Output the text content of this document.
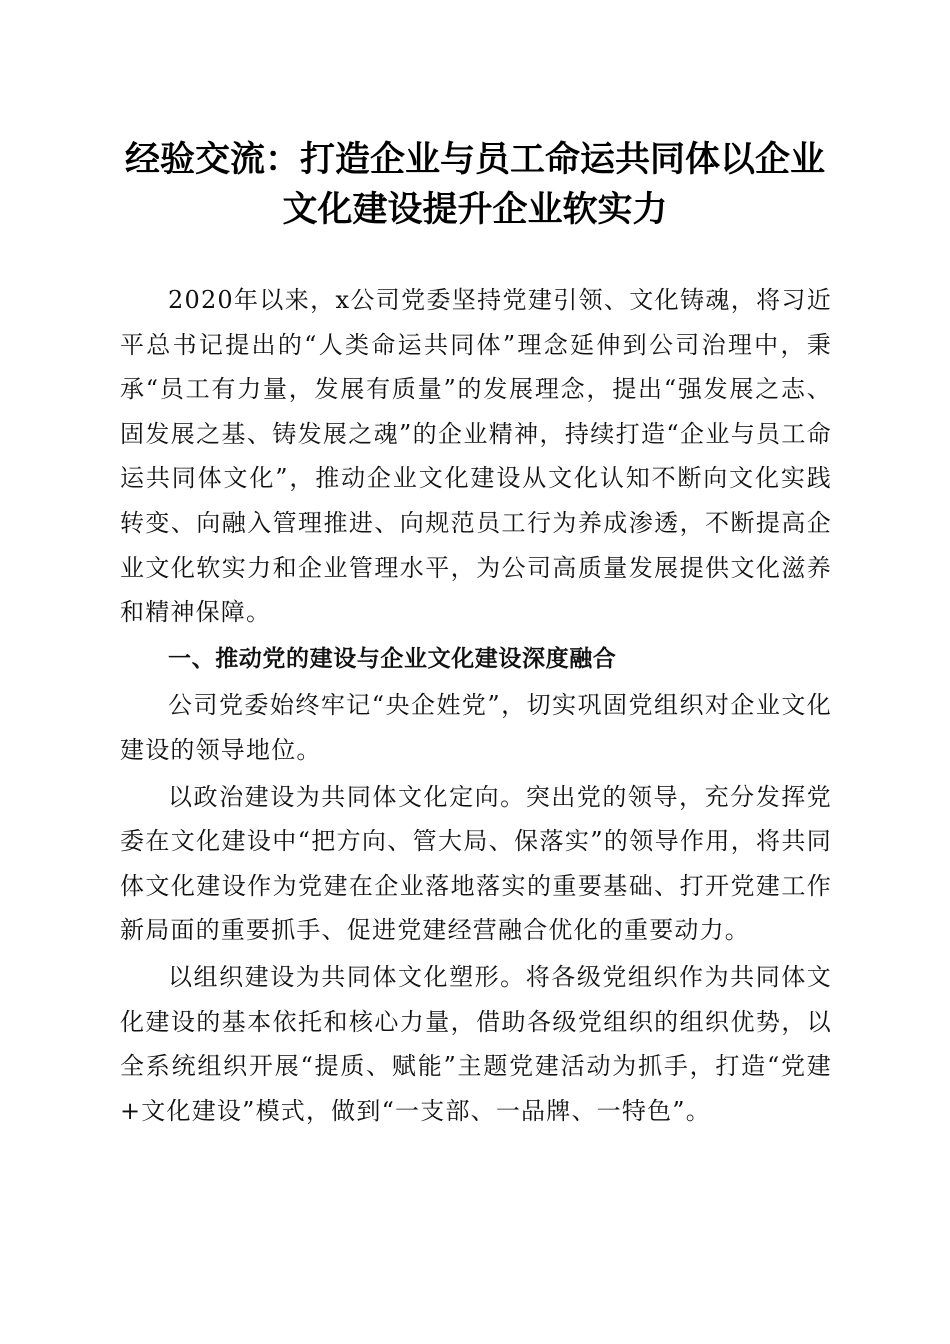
经验交流：打造企业与员工命运共同体以企业
文化建设提升企业软实力

2020年以来，x公司党委坚持党建引领、文化铸魂，将习近平总书记提出的“人类命运共同体”理念延伸到公司治理中，秉承“员工有力量，发展有质量”的发展理念，提出“强发展之志、固发展之基、铸发展之魂”的企业精神，持续打造“企业与员工命运共同体文化”，推动企业文化建设从文化认知不断向文化实践转变、向融入管理推进、向规范员工行为养成渗透，不断提高企业文化软实力和企业管理水平，为公司高质量发展提供文化滋养和精神保障。

一、推动党的建设与企业文化建设深度融合

公司党委始终牢记“央企姓党”，切实巩固党组织对企业文化建设的领导地位。

以政治建设为共同体文化定向。突出党的领导，充分发挥党委在文化建设中“把方向、管大局、保落实”的领导作用，将共同体文化建设作为党建在企业落地落实的重要基础、打开党建工作新局面的重要抓手、促进党建经营融合优化的重要动力。

以组织建设为共同体文化塑形。将各级党组织作为共同体文化建设的基本依托和核心力量，借助各级党组织的组织优势，以全系统组织开展“提质、赋能”主题党建活动为抓手，打造“党建+文化建设”模式，做到“一支部、一品牌、一特色”。
